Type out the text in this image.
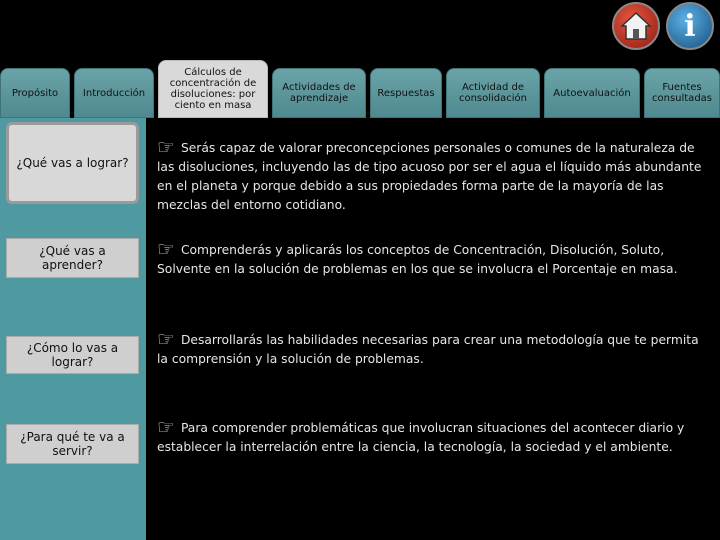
i
Propósito	Introducción
Cálculos de concentración de disoluciones: por ciento en masa
Actividades de aprendizaje	Respuestas	Actividad de consolidación	Autoevaluación	Fuentes consultadas
¿Qué vas a lograr?
¿Qué vas a aprender?
¿Cómo lo vas a lograr?
¿Para qué te va a servir?
☞ Serás capaz de valorar preconcepciones personales o comunes de la naturaleza de las disoluciones, incluyendo las de tipo acuoso por ser el agua el líquido más abundante en el planeta y porque debido a sus propiedades forma parte de la mayoría de las mezclas del entorno cotidiano.
☞ Comprenderás y aplicarás los conceptos de Concentración, Disolución, Soluto, Solvente en la solución de problemas en los que se involucra el Porcentaje en masa.
☞ Desarrollarás las habilidades necesarias para crear una metodología que te permita la comprensión y la solución de problemas.
☞ Para comprender problemáticas que involucran situaciones del acontecer diario y establecer la interrelación entre la ciencia, la tecnología, la sociedad y el ambiente.
